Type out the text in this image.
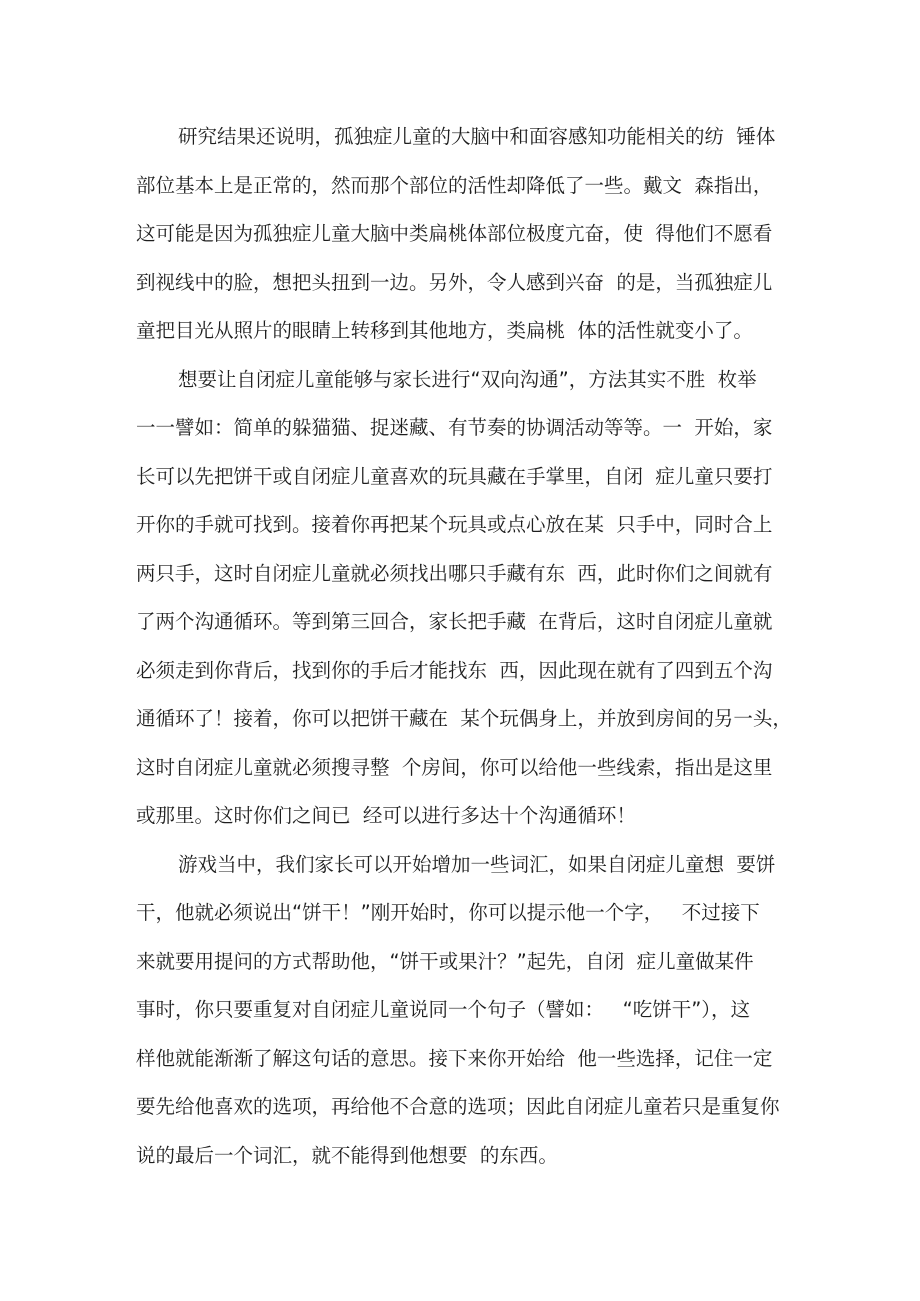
研究结果还说明，孤独症儿童的大脑中和面容感知功能相关的纺  锤体
部位基本上是正常的，然而那个部位的活性却降低了一些。戴文  森指出，
这可能是因为孤独症儿童大脑中类扁桃体部位极度亢奋，使  得他们不愿看
到视线中的脸，想把头扭到一边。另外，令人感到兴奋  的是，当孤独症儿
童把目光从照片的眼睛上转移到其他地方，类扁桃  体的活性就变小了。
想要让自闭症儿童能够与家长进行“双向沟通”，方法其实不胜  枚举
一一譬如：简单的躲猫猫、捉迷藏、有节奏的协调活动等等。一  开始，家
长可以先把饼干或自闭症儿童喜欢的玩具藏在手掌里，自闭  症儿童只要打
开你的手就可找到。接着你再把某个玩具或点心放在某  只手中，同时合上
两只手，这时自闭症儿童就必须找出哪只手藏有东  西，此时你们之间就有
了两个沟通循环。等到第三回合，家长把手藏  在背后，这时自闭症儿童就
必须走到你背后，找到你的手后才能找东  西，因此现在就有了四到五个沟
通循环了！接着，你可以把饼干藏在  某个玩偶身上，并放到房间的另一头，
这时自闭症儿童就必须搜寻整  个房间，你可以给他一些线索，指出是这里
或那里。这时你们之间已  经可以进行多达十个沟通循环！
游戏当中，我们家长可以开始增加一些词汇，如果自闭症儿童想  要饼
干，他就必须说出“饼干！”刚开始时，你可以提示他一个字，   不过接下
来就要用提问的方式帮助他，“饼干或果汁？”起先，自闭  症儿童做某件
事时，你只要重复对自闭症儿童说同一个句子（譬如：   “吃饼干”），这
样他就能渐渐了解这句话的意思。接下来你开始给  他一些选择，记住一定
要先给他喜欢的选项，再给他不合意的选项；因此自闭症儿童若只是重复你
说的最后一个词汇，就不能得到他想要  的东西。
